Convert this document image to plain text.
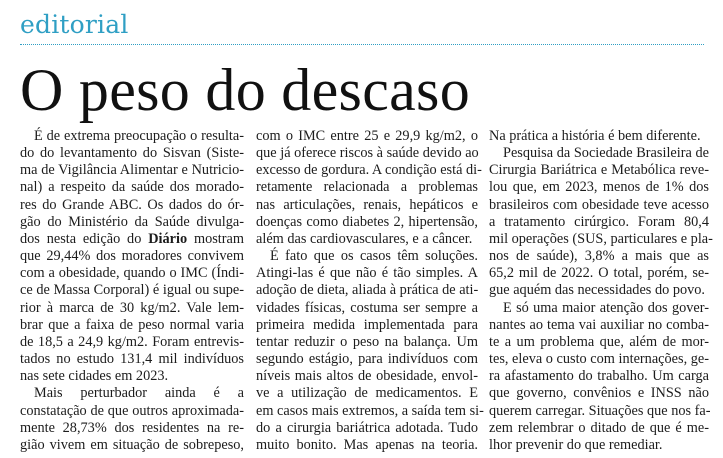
editorial
O peso do descaso
É de extrema preocupação o resulta-
do do levantamento do Sisvan (Siste-
ma de Vigilância Alimentar e Nutricio-
nal) a respeito da saúde dos morado-
res do Grande ABC. Os dados do ór-
gão do Ministério da Saúde divulga-
dos nesta edição do Diário mostram
que 29,44% dos moradores convivem
com a obesidade, quando o IMC (Índi-
ce de Massa Corporal) é igual ou supe-
rior à marca de 30 kg/m2. Vale lem-
brar que a faixa de peso normal varia
de 18,5 a 24,9 kg/m2. Foram entrevis-
tados no estudo 131,4 mil indivíduos
nas sete cidades em 2023.
Mais perturbador ainda é a
constatação de que outros aproximada-
mente 28,73% dos residentes na re-
gião vivem em situação de sobrepeso,
com o IMC entre 25 e 29,9 kg/m2, o
que já oferece riscos à saúde devido ao
excesso de gordura. A condição está di-
retamente relacionada a problemas
nas articulações, renais, hepáticos e
doenças como diabetes 2, hipertensão,
além das cardiovasculares, e a câncer.
É fato que os casos têm soluções.
Atingi-las é que não é tão simples. A
adoção de dieta, aliada à prática de ati-
vidades físicas, costuma ser sempre a
primeira medida implementada para
tentar reduzir o peso na balança. Um
segundo estágio, para indivíduos com
níveis mais altos de obesidade, envol-
ve a utilização de medicamentos. E
em casos mais extremos, a saída tem si-
do a cirurgia bariátrica adotada. Tudo
muito bonito. Mas apenas na teoria.
Na prática a história é bem diferente.
Pesquisa da Sociedade Brasileira de
Cirurgia Bariátrica e Metabólica reve-
lou que, em 2023, menos de 1% dos
brasileiros com obesidade teve acesso
a tratamento cirúrgico. Foram 80,4
mil operações (SUS, particulares e pla-
nos de saúde), 3,8% a mais que as
65,2 mil de 2022. O total, porém, se-
gue aquém das necessidades do povo.
E só uma maior atenção dos gover-
nantes ao tema vai auxiliar no comba-
te a um problema que, além de mor-
tes, eleva o custo com internações, ge-
ra afastamento do trabalho. Um carga
que governo, convênios e INSS não
querem carregar. Situações que nos fa-
zem relembrar o ditado de que é me-
lhor prevenir do que remediar.
